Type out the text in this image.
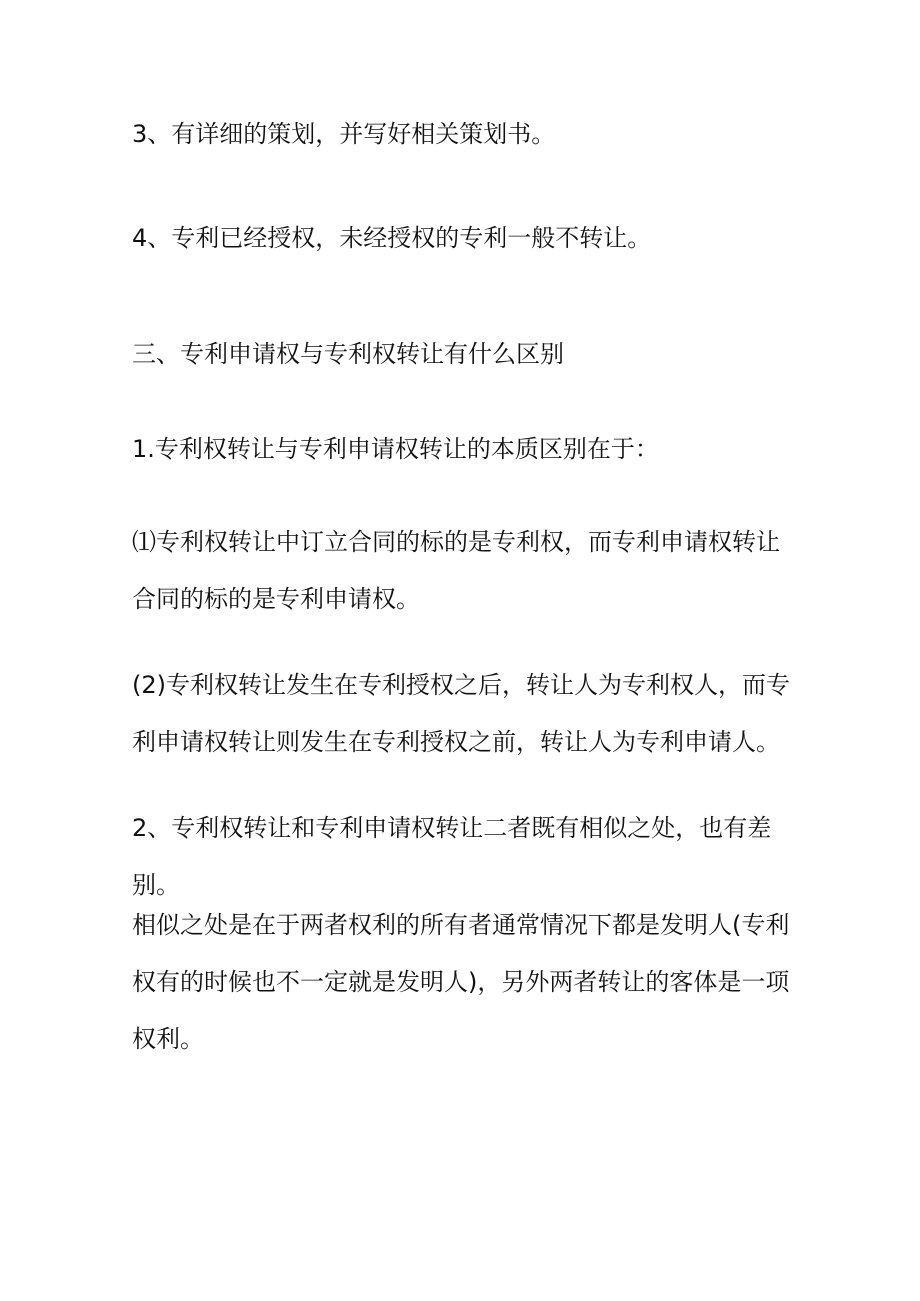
3、有详细的策划，并写好相关策划书。

4、专利已经授权，未经授权的专利一般不转让。

三、专利申请权与专利权转让有什么区别

1.专利权转让与专利申请权转让的本质区别在于：

⑴专利权转让中订立合同的标的是专利权，而专利申请权转让合同的标的是专利申请权。

(2)专利权转让发生在专利授权之后，转让人为专利权人，而专利申请权转让则发生在专利授权之前，转让人为专利申请人。

2、专利权转让和专利申请权转让二者既有相似之处，也有差别。

相似之处是在于两者权利的所有者通常情况下都是发明人(专利权有的时候也不一定就是发明人)，另外两者转让的客体是一项权利。
